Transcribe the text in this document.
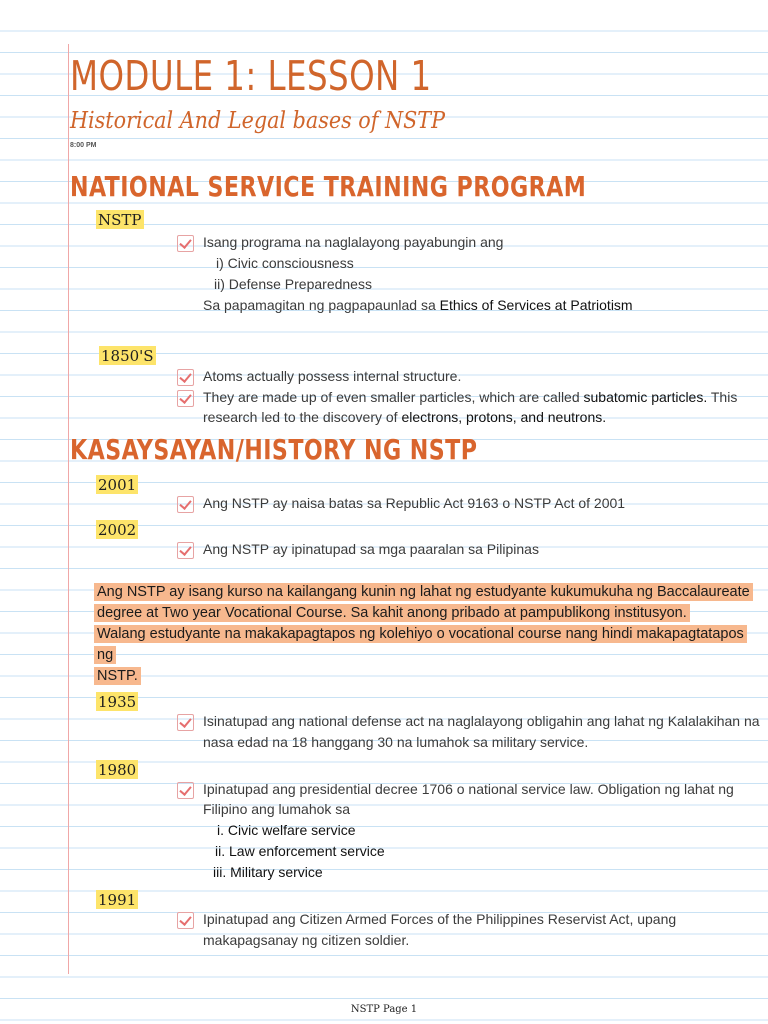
MODULE 1: LESSON 1
Historical And Legal bases of NSTP
8:00 PM
NATIONAL SERVICE TRAINING PROGRAM
NSTP
Isang programa na naglalayong payabungin ang
i) Civic consciousness
ii) Defense Preparedness
Sa papamagitan ng pagpapaunlad sa Ethics of Services at Patriotism
1850'S
Atoms actually possess internal structure.
They are made up of even smaller particles, which are called subatomic particles. This
research led to the discovery of electrons, protons, and neutrons.
KASAYSAYAN/HISTORY NG NSTP
2001
Ang NSTP ay naisa batas sa Republic Act 9163 o NSTP Act of 2001
2002
Ang NSTP ay ipinatupad sa mga paaralan sa Pilipinas
Ang NSTP ay isang kurso na kailangang kunin ng lahat ng estudyante kukumukuha ng Baccalaureate
degree at Two year Vocational Course. Sa kahit anong pribado at pampublikong institusyon.
Walang estudyante na makakapagtapos ng kolehiyo o vocational course nang hindi makapagtatapos ng
NSTP.
1935
Isinatupad ang national defense act na naglalayong obligahin ang lahat ng Kalalakihan na
nasa edad na 18 hanggang 30 na lumahok sa military service.
1980
Ipinatupad ang presidential decree 1706 o national service law. Obligation ng lahat ng
Filipino ang lumahok sa
i. Civic welfare service
ii. Law enforcement service
iii. Military service
1991
Ipinatupad ang Citizen Armed Forces of the Philippines Reservist Act, upang
makapagsanay ng citizen soldier.
NSTP Page 1
